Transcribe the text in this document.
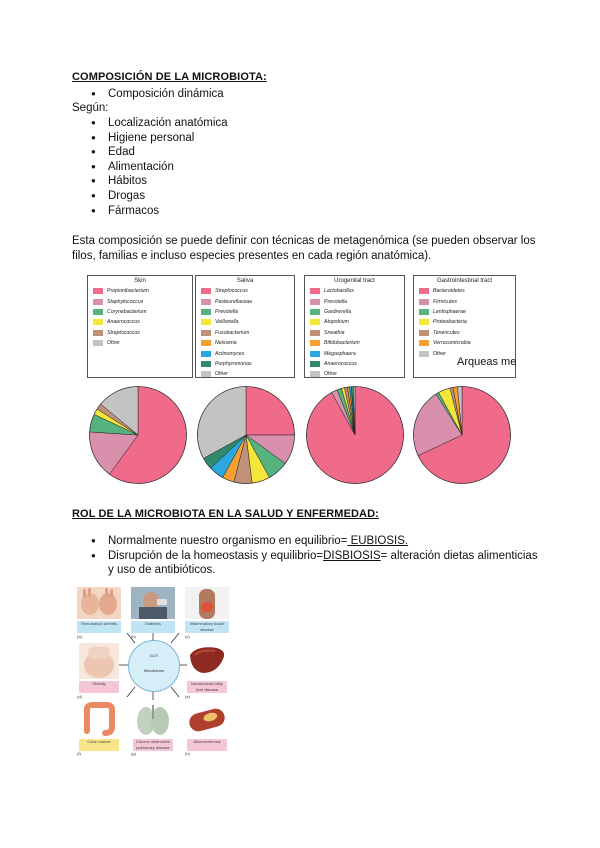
COMPOSICIÓN DE LA MICROBIOTA:
● Composición dinámica
Según:
● Localización anatómica
● Higiene personal
● Edad
● Alimentación
● Hábitos
● Drogas
● Fármacos
Esta composición se puede definir con técnicas de metagenómica (se pueden observar los
filos, familias e incluso especies presentes en cada región anatómica).
Skin
Propionibacterium
Staphylococcus
Corynebacterium
Anaerococcus
Streptococcus
Other
Saliva
Streptococcus
Pasteurellaceae
Prevotella
Veillonella
Fusobacterium
Neisseria
Actinomyces
Porphyromonas
Other
Urogenital tract
Lactobacillus
Prevotella
Gardnerella
Atopobium
Sneathia
Bifidobacterium
Megasphaera
Anaerococcus
Other
Gastrointestinal tract
Bacteroidetes
Firmicutes
Lentisphaerae
Proteobacteria
Tenericutes
Verrucomicrobia
Other
Arqueas me
ROL DE LA MICROBIOTA EN LA SALUD Y ENFERMEDAD:
● Normalmente nuestro organismo en equilibrio= EUBIOSIS.
● Disrupción de la homeostasis y equilibrio=DISBIOSIS= alteración dietas alimenticias
y uso de antibióticos.
GUT
Microbiome
Rheumatoid arthritis
(a)
Diabetes
(b)
Inflammatory bowel disease
(c)
Obesity
(d)
Nonalcoholic fatty liver disease
(e)
Colon cancer
(f)
Chronic obstructive pulmonary disease
(g)
Atherosclerosis
(h)
